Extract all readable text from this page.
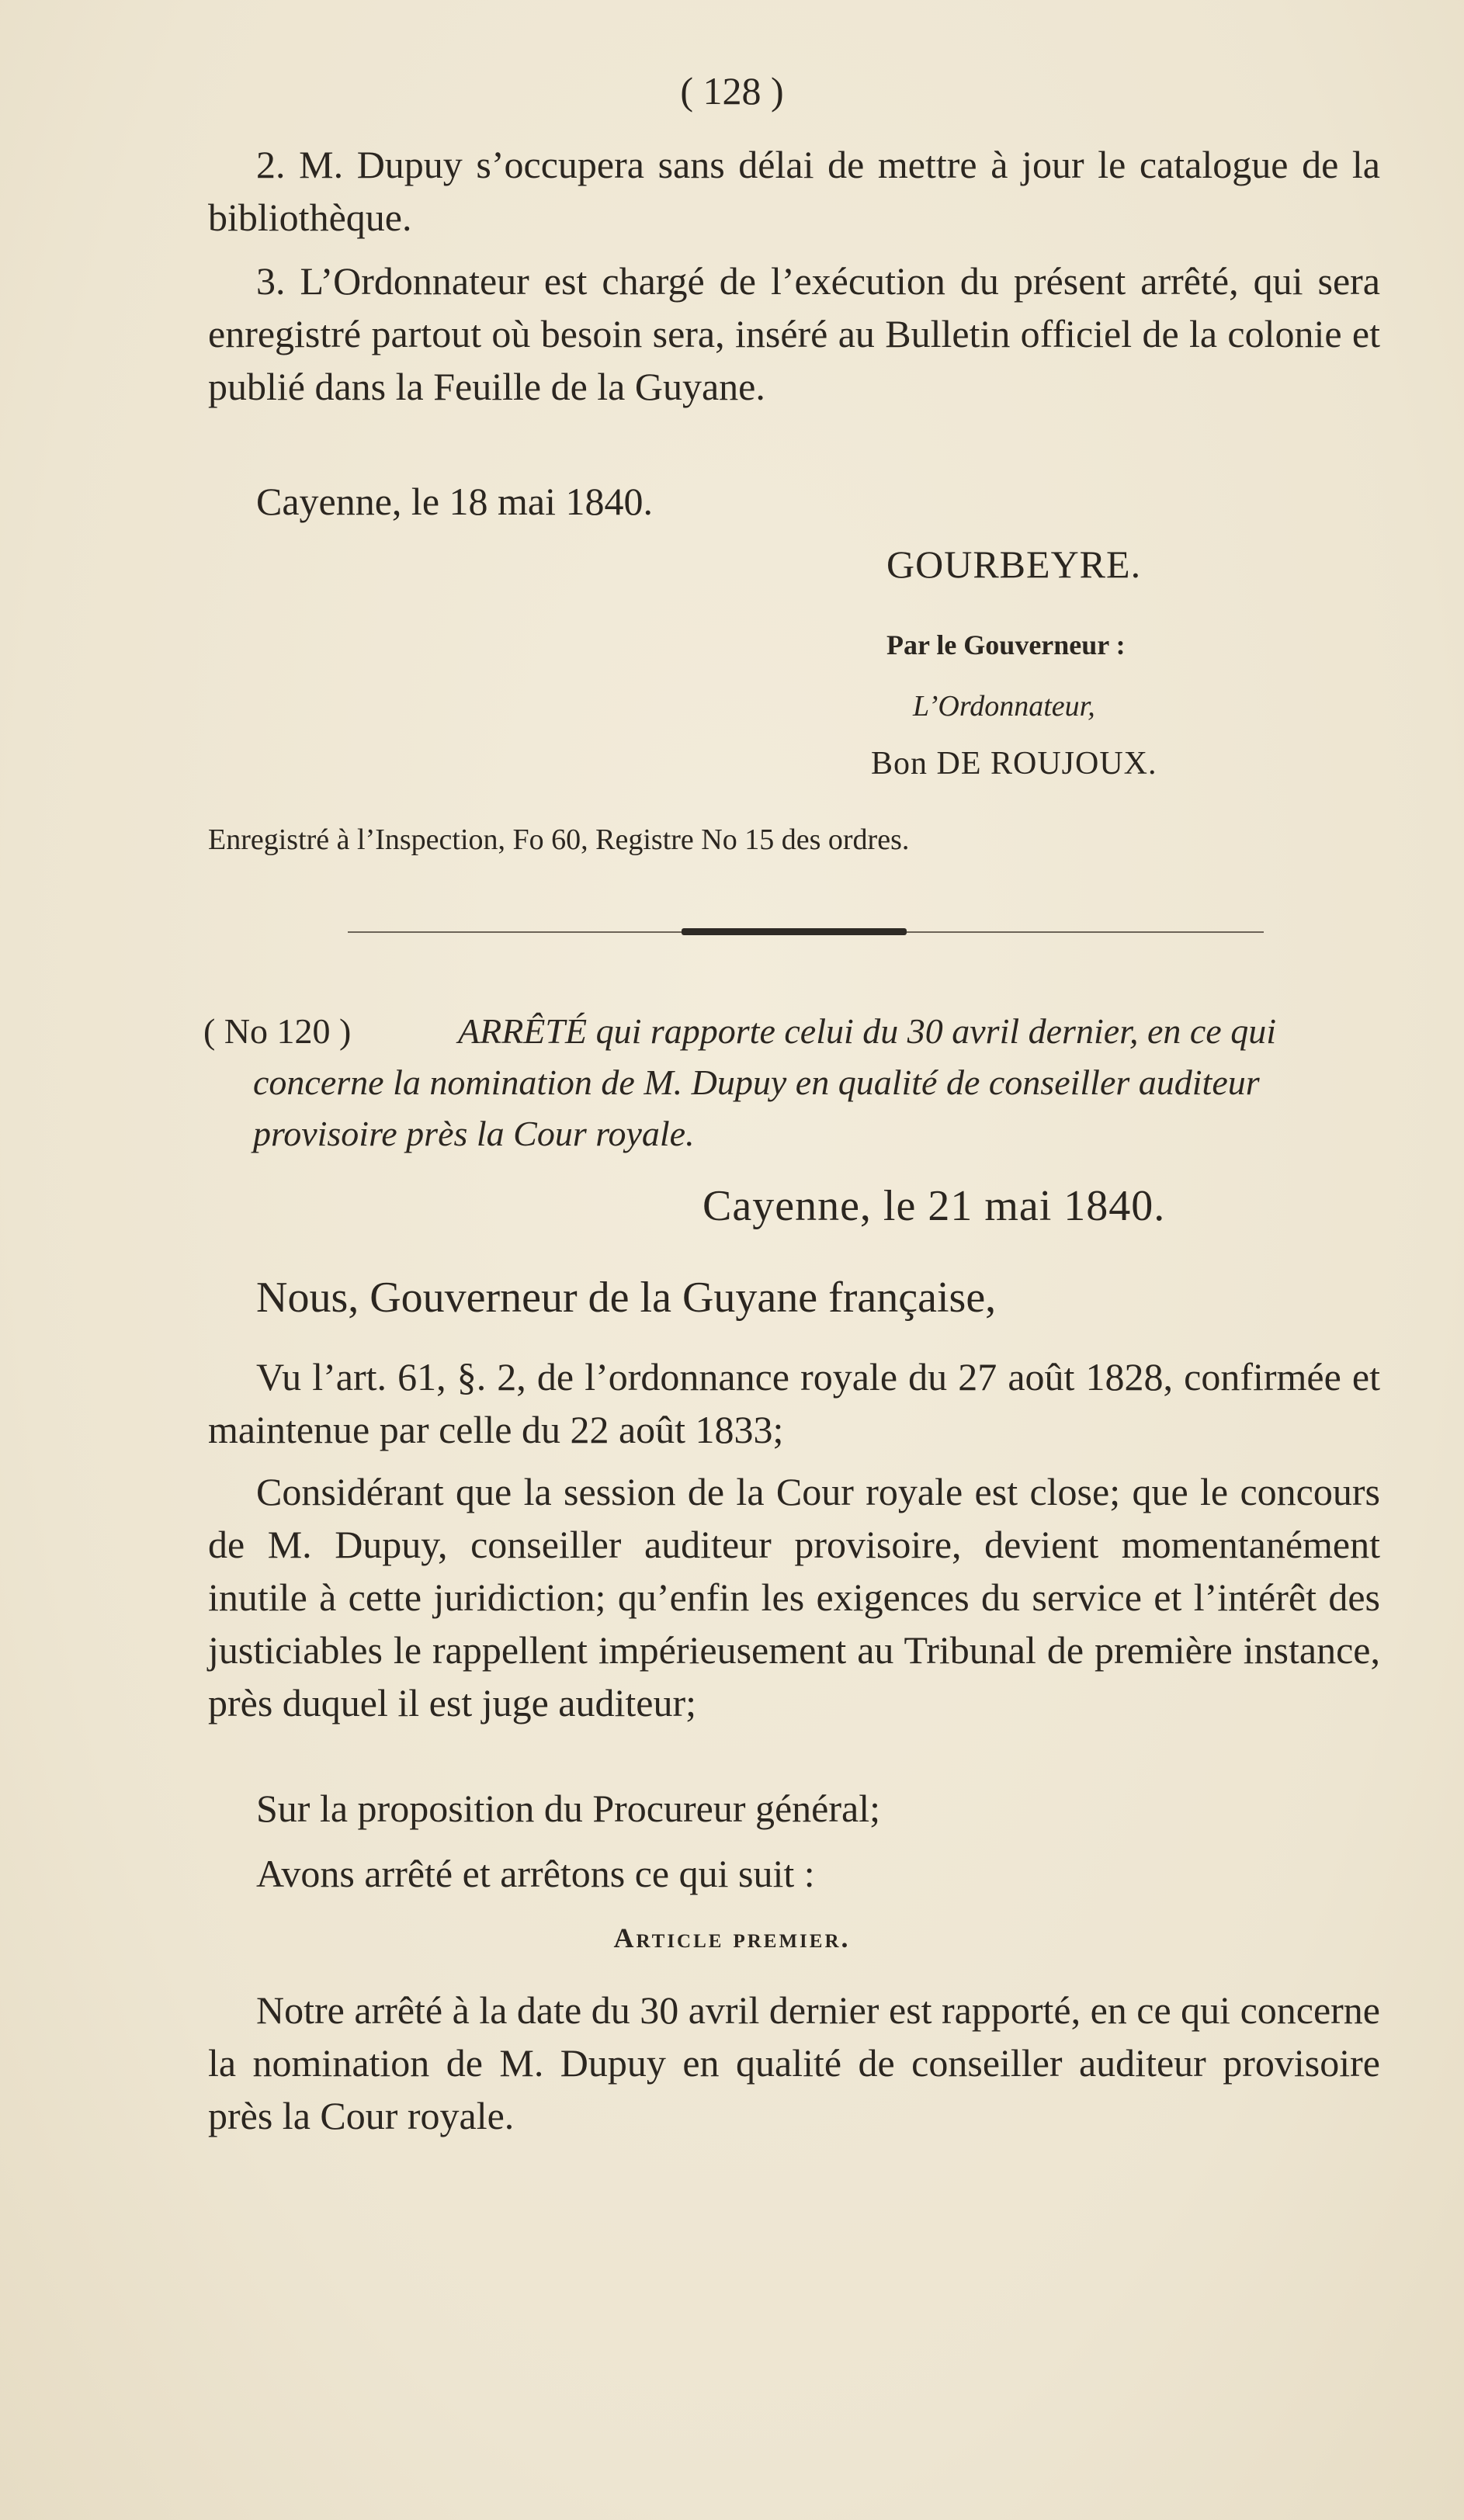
( 128 )

2. M. Dupuy s’occupera sans délai de mettre à jour le catalogue de la bibliothèque.

3. L’Ordonnateur est chargé de l’exécution du présent arrêté, qui sera enregistré partout où besoin sera, inséré au Bulletin officiel de la colonie et publié dans la Feuille de la Guyane.

Cayenne, le 18 mai 1840.

GOURBEYRE.
Par le Gouverneur :
L’Ordonnateur,
Bon DE ROUJOUX.
Enregistré à l’Inspection, Fo 60, Registre No 15 des ordres.
( No 120 )	ARRÊTÉ qui rapporte celui du 30 avril dernier, en ce qui concerne la nomination de M. Dupuy en qualité de conseiller auditeur provisoire près la Cour royale.

Cayenne, le 21 mai 1840.
Nous, Gouverneur de la Guyane française,

Vu l’art. 61, §. 2, de l’ordonnance royale du 27 août 1828, confirmée et maintenue par celle du 22 août 1833;

Considérant que la session de la Cour royale est close; que le concours de M. Dupuy, conseiller auditeur provisoire, devient momentanément inutile à cette juridiction; qu’enfin les exigences du service et l’intérêt des justiciables le rappellent impérieusement au Tribunal de première instance, près duquel il est juge auditeur;

Sur la proposition du Procureur général;

Avons arrêté et arrêtons ce qui suit :

Article premier.

Notre arrêté à la date du 30 avril dernier est rapporté, en ce qui concerne la nomination de M. Dupuy en qualité de conseiller auditeur provisoire près la Cour royale.
